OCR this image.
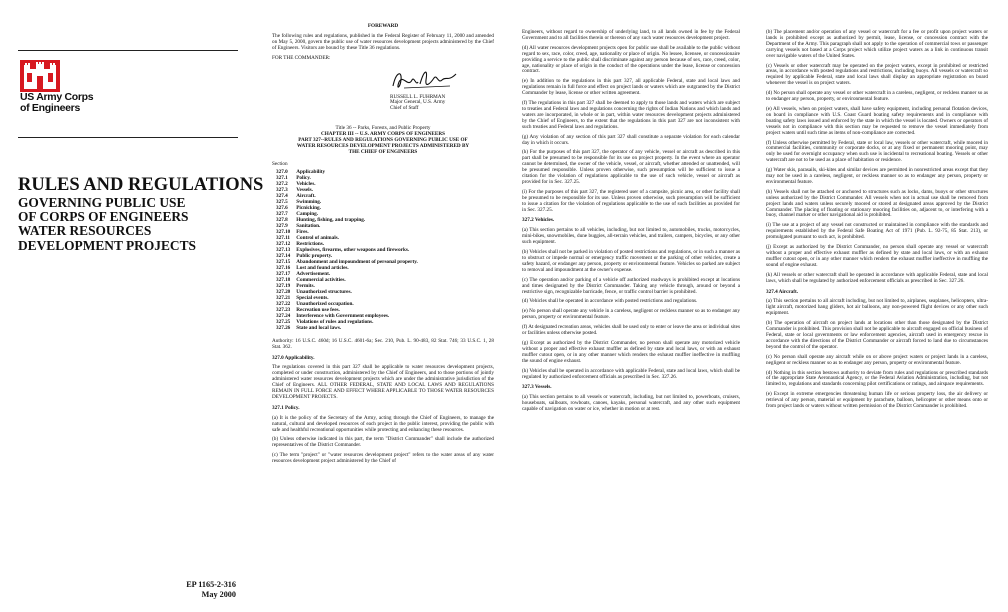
US Army Corps
of Engineers
RULES AND REGULATIONS
GOVERNING PUBLIC USE
OF CORPS OF ENGINEERS
WATER RESOURCES
DEVELOPMENT PROJECTS
EP 1165-2-316
May 2000

FOREWARD

The following rules and regulations, published in the Federal Register of February 11, 2000 and amended on May 5, 2000, govern the public use of water resources development projects administered by the Chief of Engineers. Visitors are bound by these Title 36 regulations.

FOR THE COMMANDER:

RUSSELL L. FUHRMAN
Major General, U.S. Army
Chief of Staff
Title 36 -- Parks, Forests, and Public Property
CHAPTER III -- U.S. ARMY CORPS OF ENGINEERS
PART 327--RULES AND REGULATIONS GOVERNING PUBLIC USE OF
WATER RESOURCES DEVELOPMENT PROJECTS ADMINISTERED BY
THE CHIEF OF ENGINEERS
Section
327.0	Applicability
327.1	Policy.
327.2	Vehicles.
327.3	Vessels.
327.4	Aircraft.
327.5	Swimming.
327.6	Picnicking.
327.7	Camping.
327.8	Hunting, fishing, and trapping.
327.9	Sanitation.
327.10	Fires.
327.11	Control of animals.
327.12	Restrictions.
327.13	Explosives, firearms, other weapons and fireworks.
327.14	Public property.
327.15	Abandonment and impoundment of personal property.
327.16	Lost and found articles.
327.17	Advertisement.
327.18	Commercial activities.
327.19	Permits.
327.20	Unauthorized structures.
327.21	Special events.
327.22	Unauthorized occupation.
327.23	Recreation use fees.
327.24	Interference with Government employees.
327.25	Violations of rules and regulations.
327.26	State and local laws.

Authority: 16 U.S.C. 460d; 16 U.S.C. 4601-6a; Sec. 210, Pub. L. 90-483, 82 Stat. 746; 33 U.S.C. 1, 28 Stat. 362.

327.0 Applicability.

The regulations covered in this part 327 shall be applicable to water resources development projects, completed or under construction, administered by the Chief of Engineers, and to those portions of jointly administered water resources development projects which are under the administrative jurisdiction of the Chief of Engineers. ALL OTHER FEDERAL, STATE AND LOCAL LAWS AND REGULATIONS REMAIN IN FULL FORCE AND EFFECT WHERE APPLICABLE TO THOSE WATER RESOURCES DEVELOPMENT PROJECTS.

327.1 Policy.

(a) It is the policy of the Secretary of the Army, acting through the Chief of Engineers, to manage the natural, cultural and developed resources of each project in the public interest, providing the public with safe and healthful recreational opportunities while protecting and enhancing these resources.

(b) Unless otherwise indicated in this part, the term "District Commander" shall include the authorized representatives of the District Commander.

(c) The term "project" or "water resources development project" refers to the water areas of any water resources development project administered by the Chief of

Engineers, without regard to ownership of underlying land, to all lands owned in fee by the Federal Government and to all facilities therein or thereon of any such water resources development project.

(d) All water resources development projects open for public use shall be available to the public without regard to sex, race, color, creed, age, nationality or place of origin. No lessee, licensee, or concessionaire providing a service to the public shall discriminate against any person because of sex, race, creed, color, age, nationality or place of origin in the conduct of the operations under the lease, license or concession contract.

(e) In addition to the regulations in this part 327, all applicable Federal, state and local laws and regulations remain in full force and effect on project lands or waters which are outgranted by the District Commander by lease, license or other written agreement.

(f) The regulations in this part 327 shall be deemed to apply to those lands and waters which are subject to treaties and Federal laws and regulations concerning the rights of Indian Nations and which lands and waters are incorporated, in whole or in part, within water resources development projects administered by the Chief of Engineers, to the extent that the regulations in this part 327 are not inconsistent with such treaties and Federal laws and regulations.

(g) Any violation of any section of this part 327 shall constitute a separate violation for each calendar day in which it occurs.

(h) For the purposes of this part 327, the operator of any vehicle, vessel or aircraft as described in this part shall be presumed to be responsible for its use on project property. In the event where an operator cannot be determined, the owner of the vehicle, vessel, or aircraft, whether attended or unattended, will be presumed responsible. Unless proven otherwise, such presumption will be sufficient to issue a citation for the violation of regulations applicable to the use of such vehicle, vessel or aircraft as provided for in Sec. 327.25.

(i) For the purposes of this part 327, the registered user of a campsite, picnic area, or other facility shall be presumed to be responsible for its use. Unless proven otherwise, such presumption will be sufficient to issue a citation for the violation of regulations applicable to the use of such facilities as provided for in Sec. 327.25.

327.2 Vehicles.

(a) This section pertains to all vehicles, including, but not limited to, automobiles, trucks, motorcycles, mini-bikes, snowmobiles, dune buggies, all-terrain vehicles, and trailers, campers, bicycles, or any other such equipment.

(b) Vehicles shall not be parked in violation of posted restrictions and regulations, or in such a manner as to obstruct or impede normal or emergency traffic movement or the parking of other vehicles, create a safety hazard, or endanger any person, property or environmental feature. Vehicles so parked are subject to removal and impoundment at the owner's expense.

(c) The operation and/or parking of a vehicle off authorized roadways is prohibited except at locations and times designated by the District Commander. Taking any vehicle through, around or beyond a restrictive sign, recognizable barricade, fence, or traffic control barrier is prohibited.

(d) Vehicles shall be operated in accordance with posted restrictions and regulations.

(e) No person shall operate any vehicle in a careless, negligent or reckless manner so as to endanger any person, property or environmental feature.

(f) At designated recreation areas, vehicles shall be used only to enter or leave the area or individual sites or facilities unless otherwise posted.

(g) Except as authorized by the District Commander, no person shall operate any motorized vehicle without a proper and effective exhaust muffler as defined by state and local laws, or with an exhaust muffler cutout open, or in any other manner which renders the exhaust muffler ineffective in muffling the sound of engine exhaust.

(h) Vehicles shall be operated in accordance with applicable Federal, state and local laws, which shall be regulated by authorized enforcement officials as prescribed in Sec. 327.26.

327.3 Vessels.

(a) This section pertains to all vessels or watercraft, including, but not limited to, powerboats, cruisers, houseboats, sailboats, rowboats, canoes, kayaks, personal watercraft, and any other such equipment capable of navigation on water or ice, whether in motion or at rest.

(b) The placement and/or operation of any vessel or watercraft for a fee or profit upon project waters or lands is prohibited except as authorized by permit, lease, license, or concession contract with the Department of the Army. This paragraph shall not apply to the operation of commercial tows or passenger carrying vessels not based at a Corps project which utilize project waters as a link in continuous transit over navigable waters of the United States.

(c) Vessels or other watercraft may be operated on the project waters, except in prohibited or restricted areas, in accordance with posted regulations and restrictions, including buoys. All vessels or watercraft so required by applicable Federal, state and local laws shall display an appropriate registration on board whenever the vessel is on project waters.

(d) No person shall operate any vessel or other watercraft in a careless, negligent, or reckless manner so as to endanger any person, property, or environmental feature.

(e) All vessels, when on project waters, shall have safety equipment, including personal flotation devices, on board in compliance with U.S. Coast Guard boating safety requirements and in compliance with boating safety laws issued and enforced by the state in which the vessel is located. Owners or operators of vessels not in compliance with this section may be requested to remove the vessel immediately from project waters until such time as items of non-compliance are corrected.

(f) Unless otherwise permitted by Federal, state or local law, vessels or other watercraft, while moored in commercial facilities, community or corporate docks, or at any fixed or permanent mooring point, may only be used for overnight occupancy when such use is incidental to recreational boating. Vessels or other watercraft are not to be used as a place of habitation or residence.

(g) Water skis, parasails, ski-kites and similar devices are permitted in nonrestricted areas except that they may not be used in a careless, negligent, or reckless manner so as to endanger any person, property or environmental feature.

(h) Vessels shall not be attached or anchored to structures such as locks, dams, buoys or other structures unless authorized by the District Commander. All vessels when not in actual use shall be removed from project lands and waters unless securely moored or stored at designated areas approved by the District Commander. The placing of floating or stationary mooring facilities on, adjacent to, or interfering with a buoy, channel marker or other navigational aid is prohibited.

(i) The use at a project of any vessel not constructed or maintained in compliance with the standards and requirements established by the Federal Safe Boating Act of 1971 (Pub. L. 92-75, 85 Stat. 213), or promulgated pursuant to such act, is prohibited.

(j) Except as authorized by the District Commander, no person shall operate any vessel or watercraft without a proper and effective exhaust muffler as defined by state and local laws, or with an exhaust muffler cutout open, or in any other manner which renders the exhaust muffler ineffective in muffling the sound of engine exhaust.

(k) All vessels or other watercraft shall be operated in accordance with applicable Federal, state and local laws, which shall be regulated by authorized enforcement officials as prescribed in Sec. 327.26.

327.4 Aircraft.

(a) This section pertains to all aircraft including, but not limited to, airplanes, seaplanes, helicopters, ultra-light aircraft, motorized hang gliders, hot air balloons, any non-powered flight devices or any other such equipment.

(b) The operation of aircraft on project lands at locations other than those designated by the District Commander is prohibited. This provision shall not be applicable to aircraft engaged on official business of Federal, state or local governments or law enforcement agencies, aircraft used in emergency rescue in accordance with the directions of the District Commander or aircraft forced to land due to circumstances beyond the control of the operator.

(c) No person shall operate any aircraft while on or above project waters or project lands in a careless, negligent or reckless manner so as to endanger any person, property or environmental feature.

(d) Nothing in this section bestows authority to deviate from rules and regulations or prescribed standards of the appropriate State Aeronautical Agency, or the Federal Aviation Administration, including, but not limited to, regulations and standards concerning pilot certifications or ratings, and airspace requirements.

(e) Except in extreme emergencies threatening human life or serious property loss, the air delivery or retrieval of any person, material or equipment by parachute, balloon, helicopter or other means onto or from project lands or waters without written permission of the District Commander is prohibited.
